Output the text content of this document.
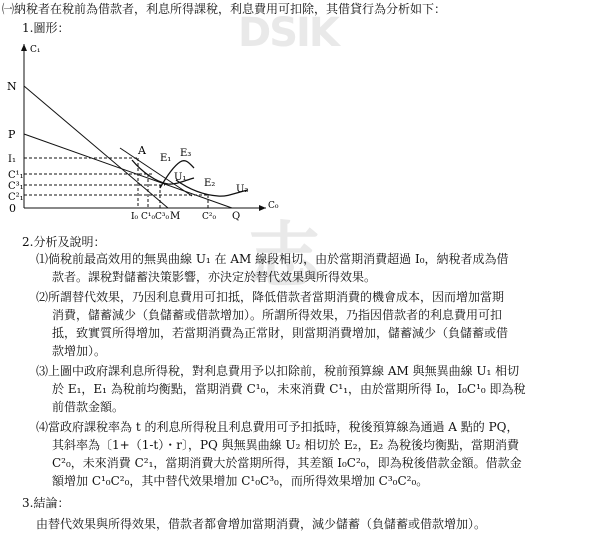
DSIK
志
㈠納稅者在稅前為借款者，利息所得課稅，利息費用可扣除，其借貸行為分析如下：
1.圖形：
C₁
C₀
0
N
P
I₁
C¹₁
C³₁
C²₁
I₀ C¹₀ C³₀ M C²₀ Q
A
E₁ E₃
E₂
U₁
U₂
2.分析及說明：
⑴倘稅前最高效用的無異曲線 U₁ 在 AM 線段相切，由於當期消費超過 I₀，納稅者成為借
款者。課稅對儲蓄決策影響，亦決定於替代效果與所得效果。
⑵所謂替代效果，乃因利息費用可扣抵，降低借款者當期消費的機會成本，因而增加當期
消費，儲蓄減少（負儲蓄或借款增加）。所謂所得效果，乃指因借款者的利息費用可扣
抵，致實質所得增加，若當期消費為正常財，則當期消費增加，儲蓄減少（負儲蓄或借
款增加）。
⑶上圖中政府課利息所得稅，對利息費用予以扣除前，稅前預算線 AM 與無異曲線 U₁ 相切
於 E₁，E₁ 為稅前均衡點，當期消費 C¹₀，未來消費 C¹₁，由於當期所得 I₀，I₀C¹₀ 即為稅
前借款金額。
⑷當政府課稅率為 t 的利息所得稅且利息費用可予扣抵時，稅後預算線為通過 A 點的 PQ，
其斜率為〔1+（1-t）・r〕，PQ 與無異曲線 U₂ 相切於 E₂，E₂ 為稅後均衡點，當期消費
C²₀，未來消費 C²₁，當期消費大於當期所得，其差額 I₀C²₀，即為稅後借款金額。借款金
額增加 C¹₀C²₀，其中替代效果增加 C¹₀C³₀，而所得效果增加 C³₀C²₀。
3.結論：
由替代效果與所得效果，借款者都會增加當期消費，減少儲蓄（負儲蓄或借款增加）。
